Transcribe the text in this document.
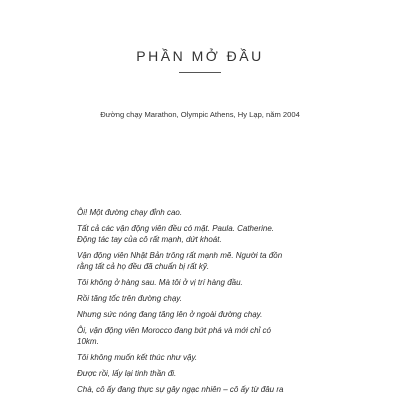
PHẦN MỞ ĐẦU
Đường chạy Marathon, Olympic Athens, Hy Lạp, năm 2004

Ôi! Một đường chạy đỉnh cao.

Tất cả các vận động viên đều có mặt. Paula. Catherine.
Động tác tay của cô rất mạnh, dứt khoát.

Vận động viên Nhật Bản trông rất mạnh mẽ. Người ta đồn
rằng tất cả họ đều đã chuẩn bị rất kỹ.

Tôi không ở hàng sau. Mà tôi ở vị trí hàng đầu.

Rồi tăng tốc trên đường chạy.

Nhưng sức nóng đang tăng lên ở ngoài đường chạy.

Ôi, vận động viên Morocco đang bứt phá và mới chỉ có
10km.

Tôi không muốn kết thúc như vậy.

Được rồi, lấy lại tinh thần đi.

Chà, cô ấy đang thực sự gây ngạc nhiên – cô ấy từ đâu ra
